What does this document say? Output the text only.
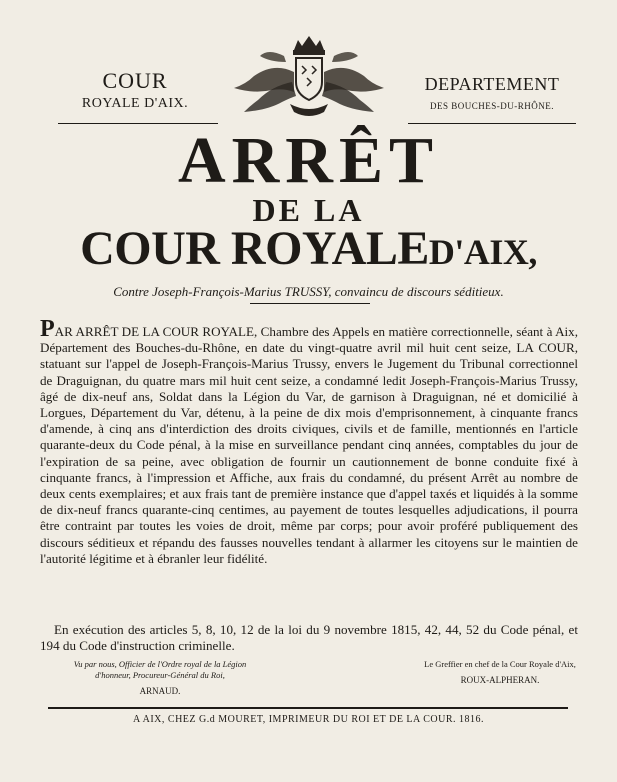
COUR
ROYALE D'AIX.
DEPARTEMENT
DES BOUCHES-DU-RHÔNE.
ARRÊT
DE LA
COUR ROYALED'AIX,
Contre Joseph-François-Marius TRUSSY, convaincu de discours séditieux.
PAR ARRÊT DE LA COUR ROYALE, Chambre des Appels en matière correctionnelle, séant à Aix, Département des Bouches-du-Rhône, en date du vingt-quatre avril mil huit cent seize, LA COUR, statuant sur l'appel de Joseph-François-Marius Trussy, envers le Jugement du Tribunal correctionnel de Draguignan, du quatre mars mil huit cent seize, a condamné ledit Joseph-François-Marius Trussy, âgé de dix-neuf ans, Soldat dans la Légion du Var, de garnison à Draguignan, né et domicilié à Lorgues, Département du Var, détenu, à la peine de dix mois d'emprisonnement, à cinquante francs d'amende, à cinq ans d'interdiction des droits civiques, civils et de famille, mentionnés en l'article quarante-deux du Code pénal, à la mise en surveillance pendant cinq années, comptables du jour de l'expiration de sa peine, avec obligation de fournir un cautionnement de bonne conduite fixé à cinquante francs, à l'impression et Affiche, aux frais du condamné, du présent Arrêt au nombre de deux cents exemplaires; et aux frais tant de première instance que d'appel taxés et liquidés à la somme de dix-neuf francs quarante-cinq centimes, au payement de toutes lesquelles adjudications, il pourra être contraint par toutes les voies de droit, même par corps; pour avoir proféré publiquement des discours séditieux et répandu des fausses nouvelles tendant à allarmer les citoyens sur le maintien de l'autorité légitime et à ébranler leur fidélité.
En exécution des articles 5, 8, 10, 12 de la loi du 9 novembre 1815, 42, 44, 52 du Code pénal, et 194 du Code d'instruction criminelle.
Vu par nous, Officier de l'Ordre royal de la Légion d'honneur, Procureur-Général du Roi,
ARNAUD.
Le Greffier en chef de la Cour Royale d'Aix,
ROUX-ALPHERAN.
A AIX, CHEZ G.d MOURET, IMPRIMEUR DU ROI ET DE LA COUR. 1816.
